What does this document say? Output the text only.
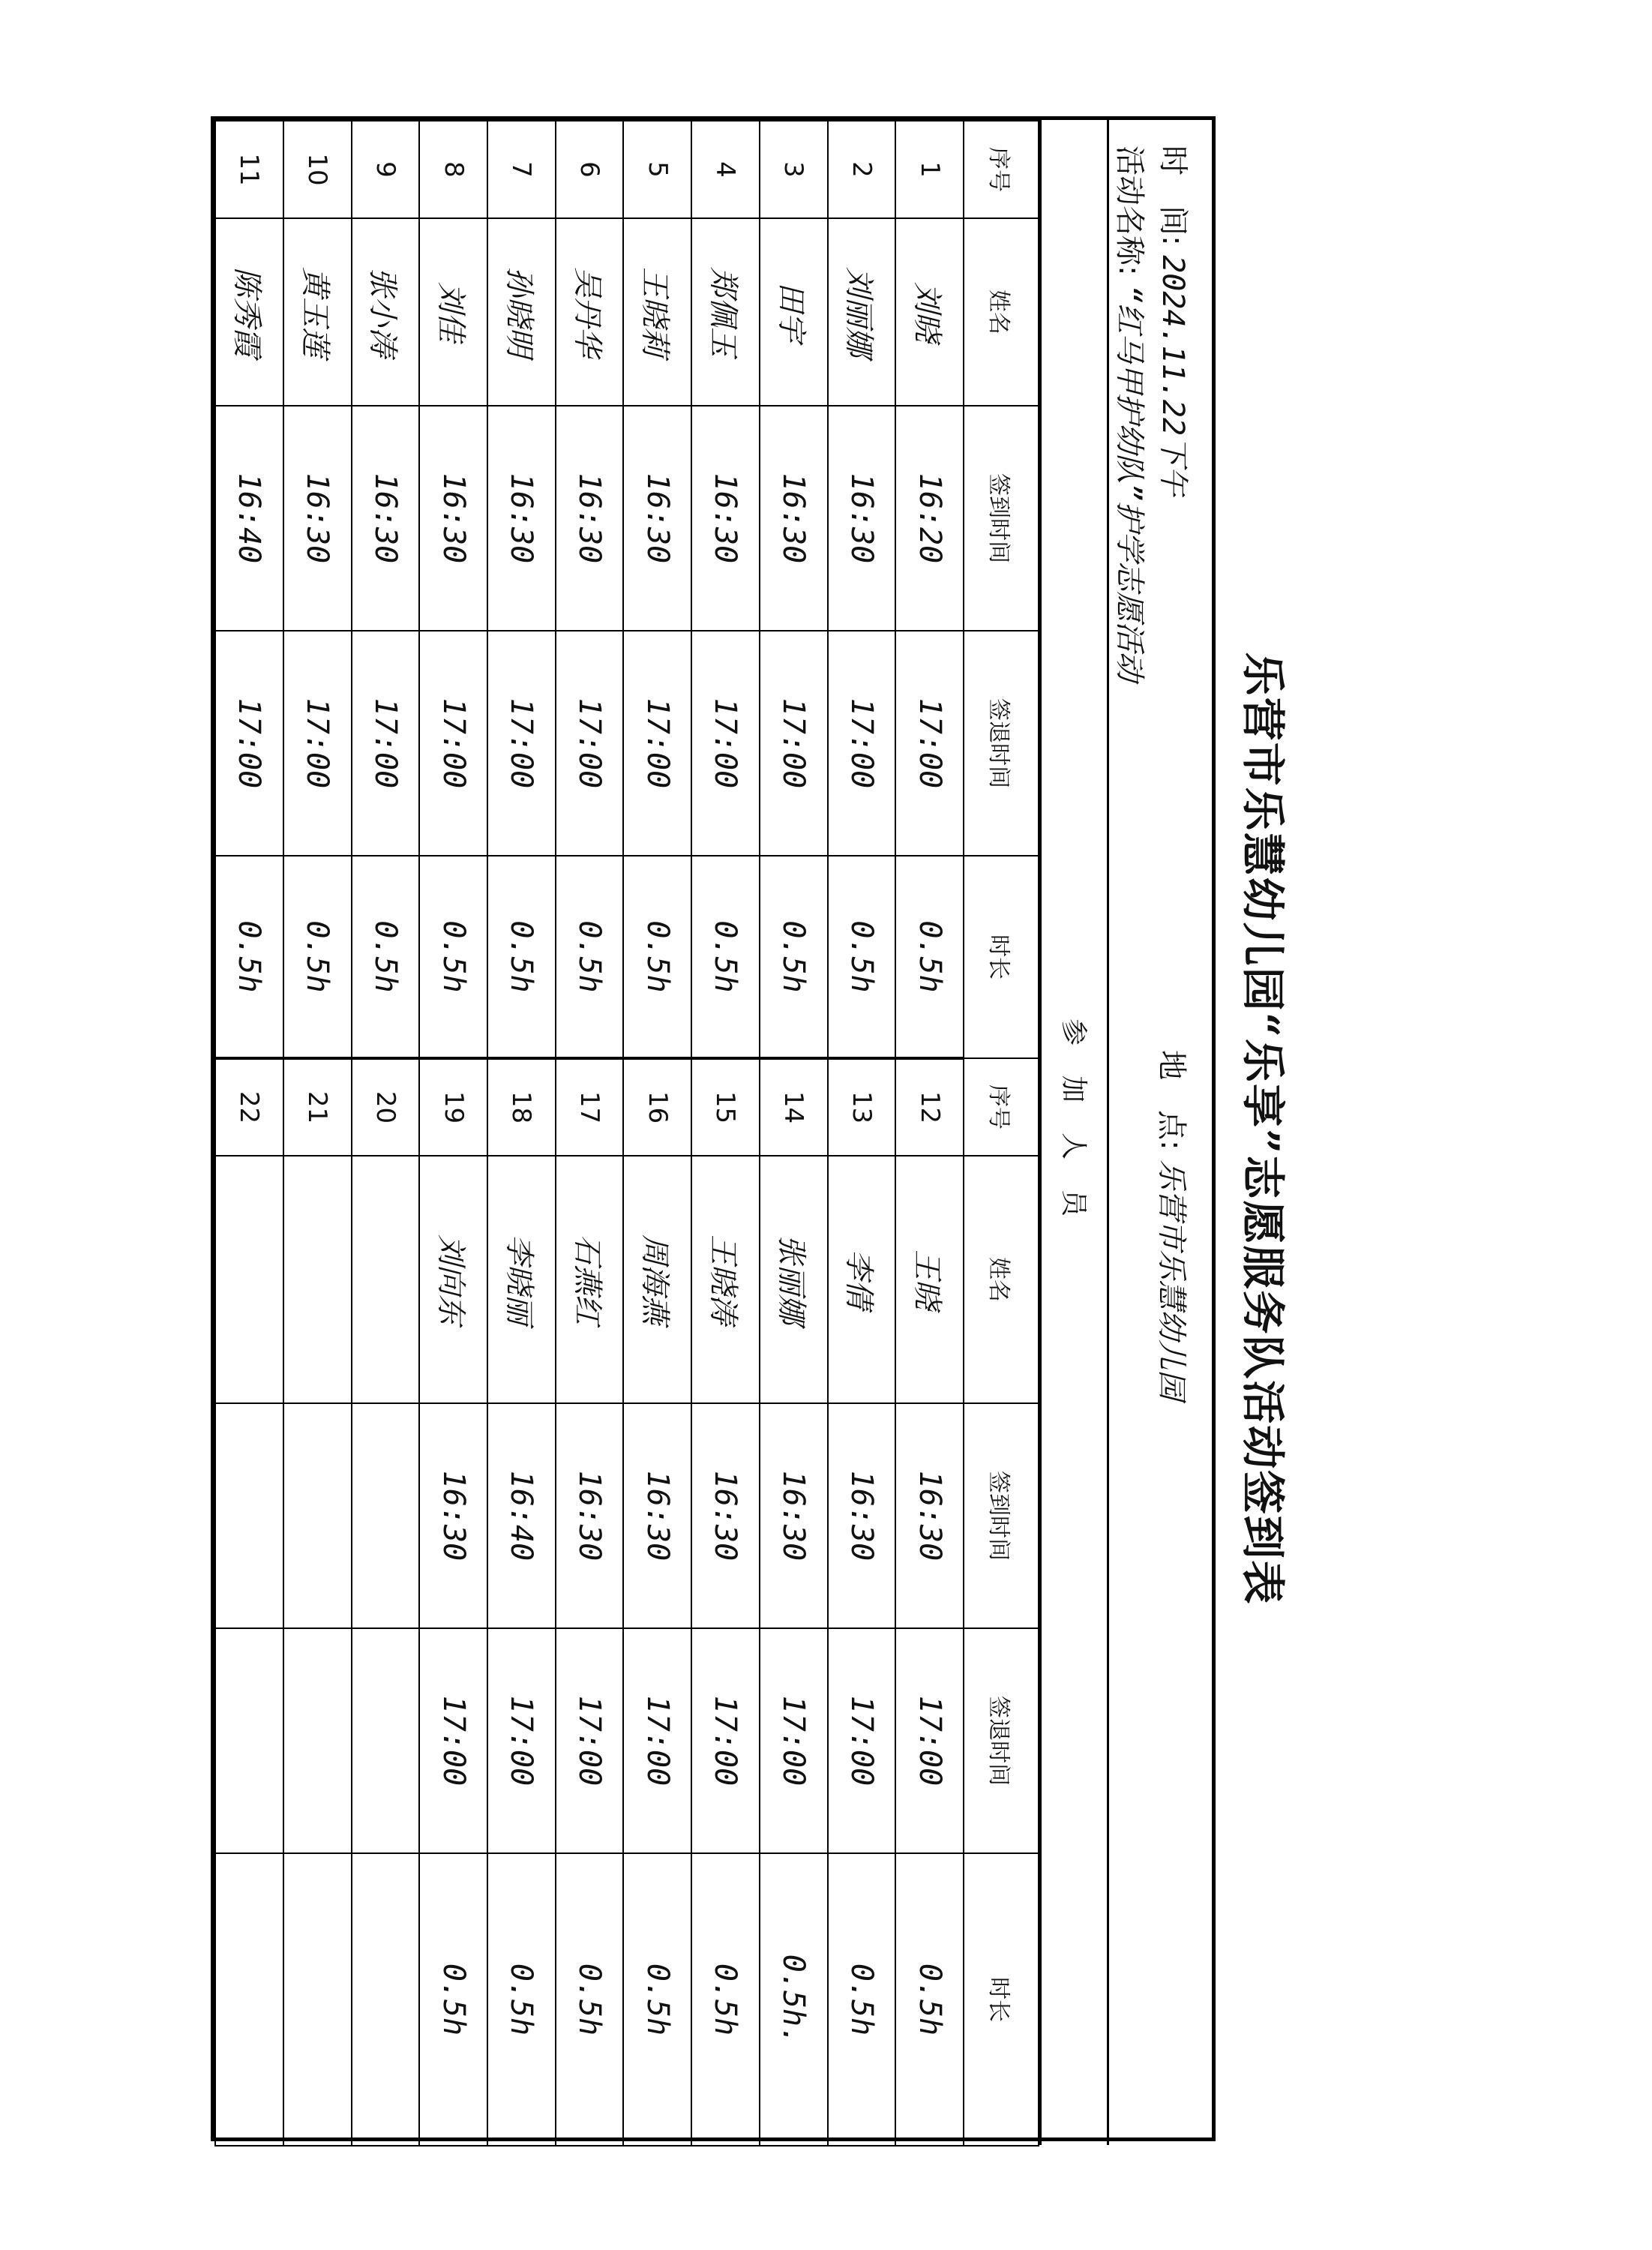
乐营市乐慧幼儿园“乐享”志愿服务队活动签到表
时　间: 2024.11.22下午
活动名称: “红马甲护幼队”护学志愿活动
地　点: 乐营市乐慧幼儿园
参加人员
序号	姓名	签到时间	签退时间	时长	序号	姓名	签到时间	签退时间	时长
1	刘晓	16:20	17:00	0.5h	12	王晓	16:30	17:00	0.5h
2	刘丽娜	16:30	17:00	0.5h	13	李倩	16:30	17:00	0.5h
3	田宇	16:30	17:00	0.5h	14	张丽娜	16:30	17:00	0.5h.
4	郑佩玉	16:30	17:00	0.5h	15	王晓涛	16:30	17:00	0.5h
5	王晓莉	16:30	17:00	0.5h	16	周海燕	16:30	17:00	0.5h
6	吴丹华	16:30	17:00	0.5h	17	石燕红	16:30	17:00	0.5h
7	孙晓明	16:30	17:00	0.5h	18	李晓丽	16:40	17:00	0.5h
8	刘佳	16:30	17:00	0.5h	19	刘向东	16:30	17:00	0.5h
9	张小涛	16:30	17:00	0.5h	20				
10	黄玉莲	16:30	17:00	0.5h	21				
11	陈秀霞	16:40	17:00	0.5h	22				
